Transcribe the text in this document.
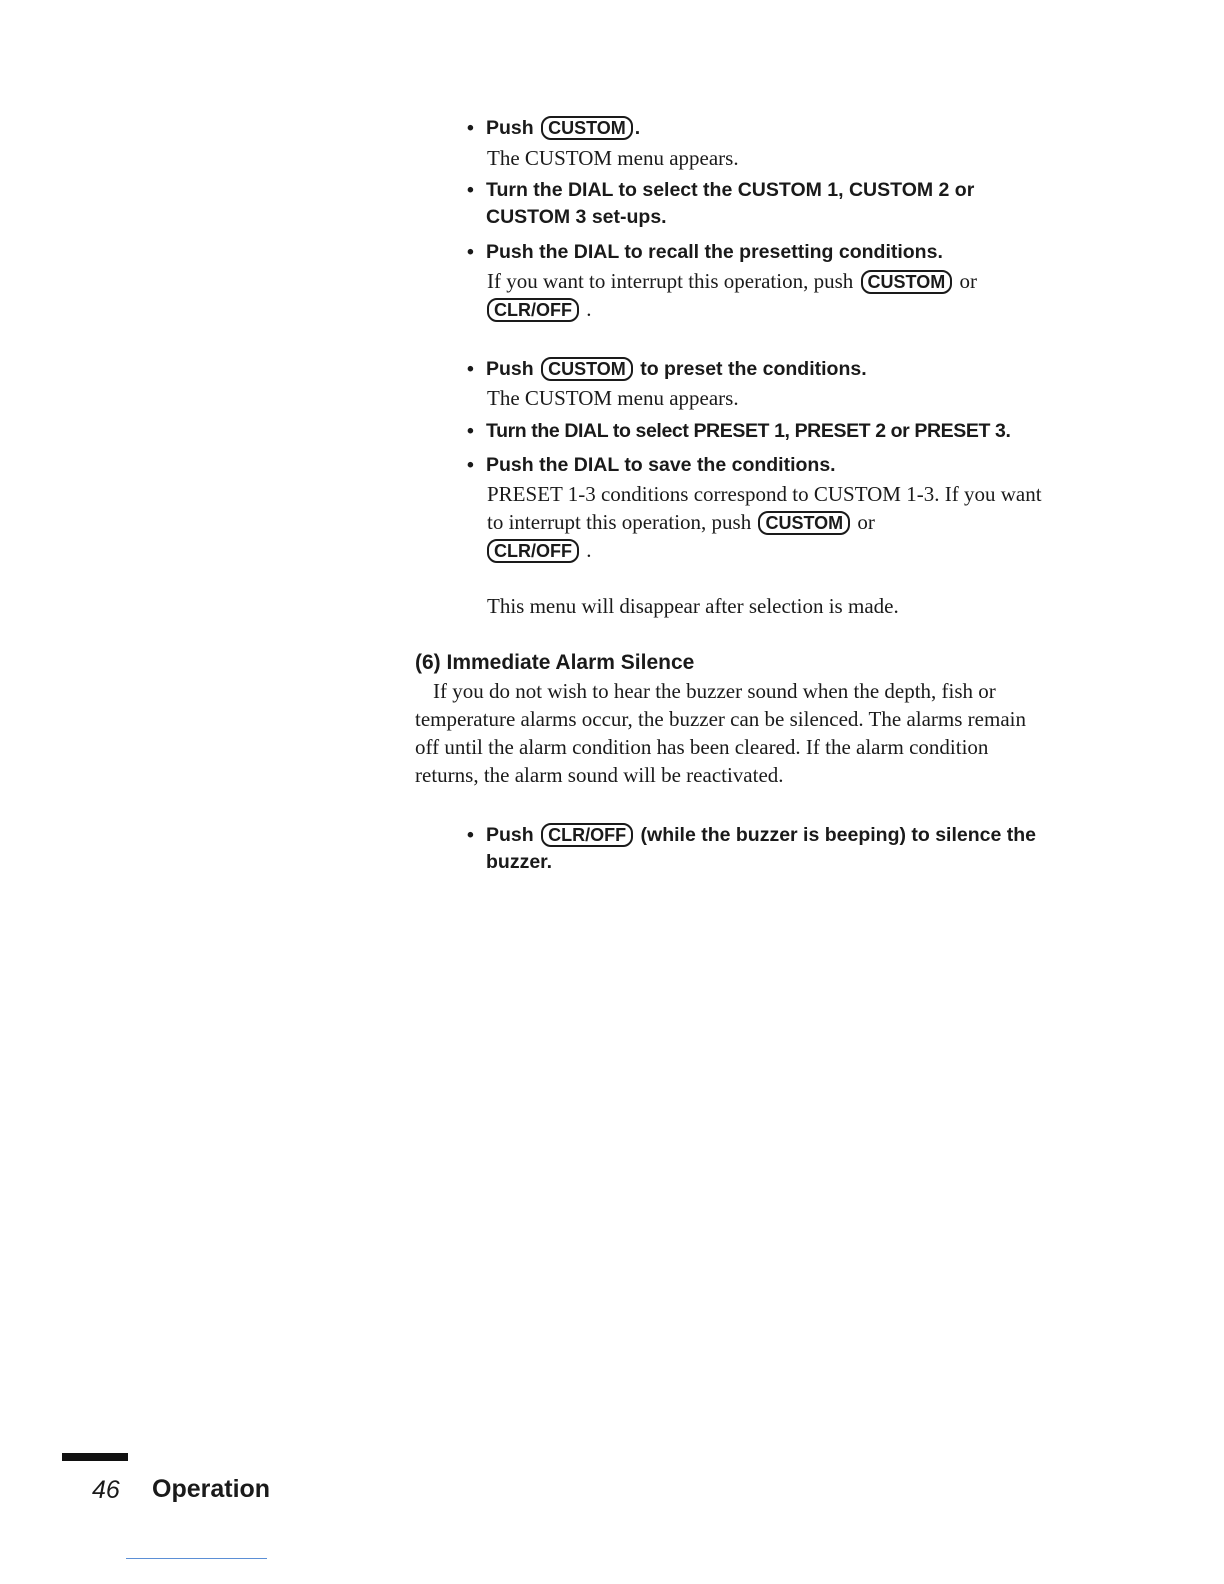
• Push CUSTOM .
The CUSTOM menu appears.
• Turn the DIAL to select the CUSTOM 1, CUSTOM 2 or CUSTOM 3 set-ups.
• Push the DIAL to recall the presetting conditions.
If you want to interrupt this operation, push CUSTOM or
CLR/OFF .
• Push CUSTOM to preset the conditions.
The CUSTOM menu appears.
• Turn the DIAL to select PRESET 1, PRESET 2 or PRESET 3.
• Push the DIAL to save the conditions.
PRESET 1-3 conditions correspond to CUSTOM 1-3. If you want to interrupt this operation, push CUSTOM or
CLR/OFF .
This menu will disappear after selection is made.
(6) Immediate Alarm Silence

If you do not wish to hear the buzzer sound when the depth, fish or temperature alarms occur, the buzzer can be silenced. The alarms remain off until the alarm condition has been cleared. If the alarm condition returns, the alarm sound will be reactivated.

• Push CLR/OFF (while the buzzer is beeping) to silence the buzzer.
46 Operation
